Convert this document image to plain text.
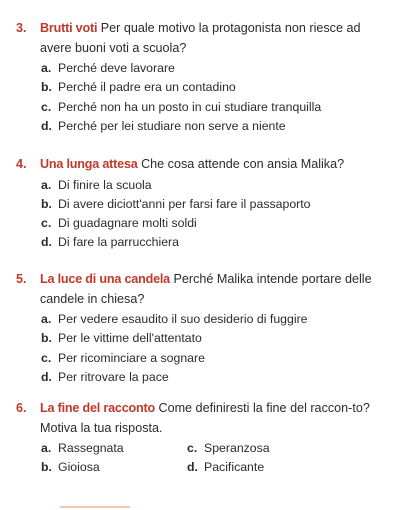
3. Brutti voti Per quale motivo la protagonista non riesce ad avere buoni voti a scuola?
a. Perché deve lavorare
b. Perché il padre era un contadino
c. Perché non ha un posto in cui studiare tranquilla
d. Perché per lei studiare non serve a niente
4. Una lunga attesa Che cosa attende con ansia Malika?
a. Di finire la scuola
b. Di avere diciott'anni per farsi fare il passaporto
c. Di guadagnare molti soldi
d. Di fare la parrucchiera
5. La luce di una candela Perché Malika intende portare delle candele in chiesa?
a. Per vedere esaudito il suo desiderio di fuggire
b. Per le vittime dell'attentato
c. Per ricominciare a sognare
d. Per ritrovare la pace
6. La fine del racconto Come definiresti la fine del raccon-to? Motiva la tua risposta.
a. Rassegnata	c. Speranzosa
b. Gioiosa	d. Pacificante
